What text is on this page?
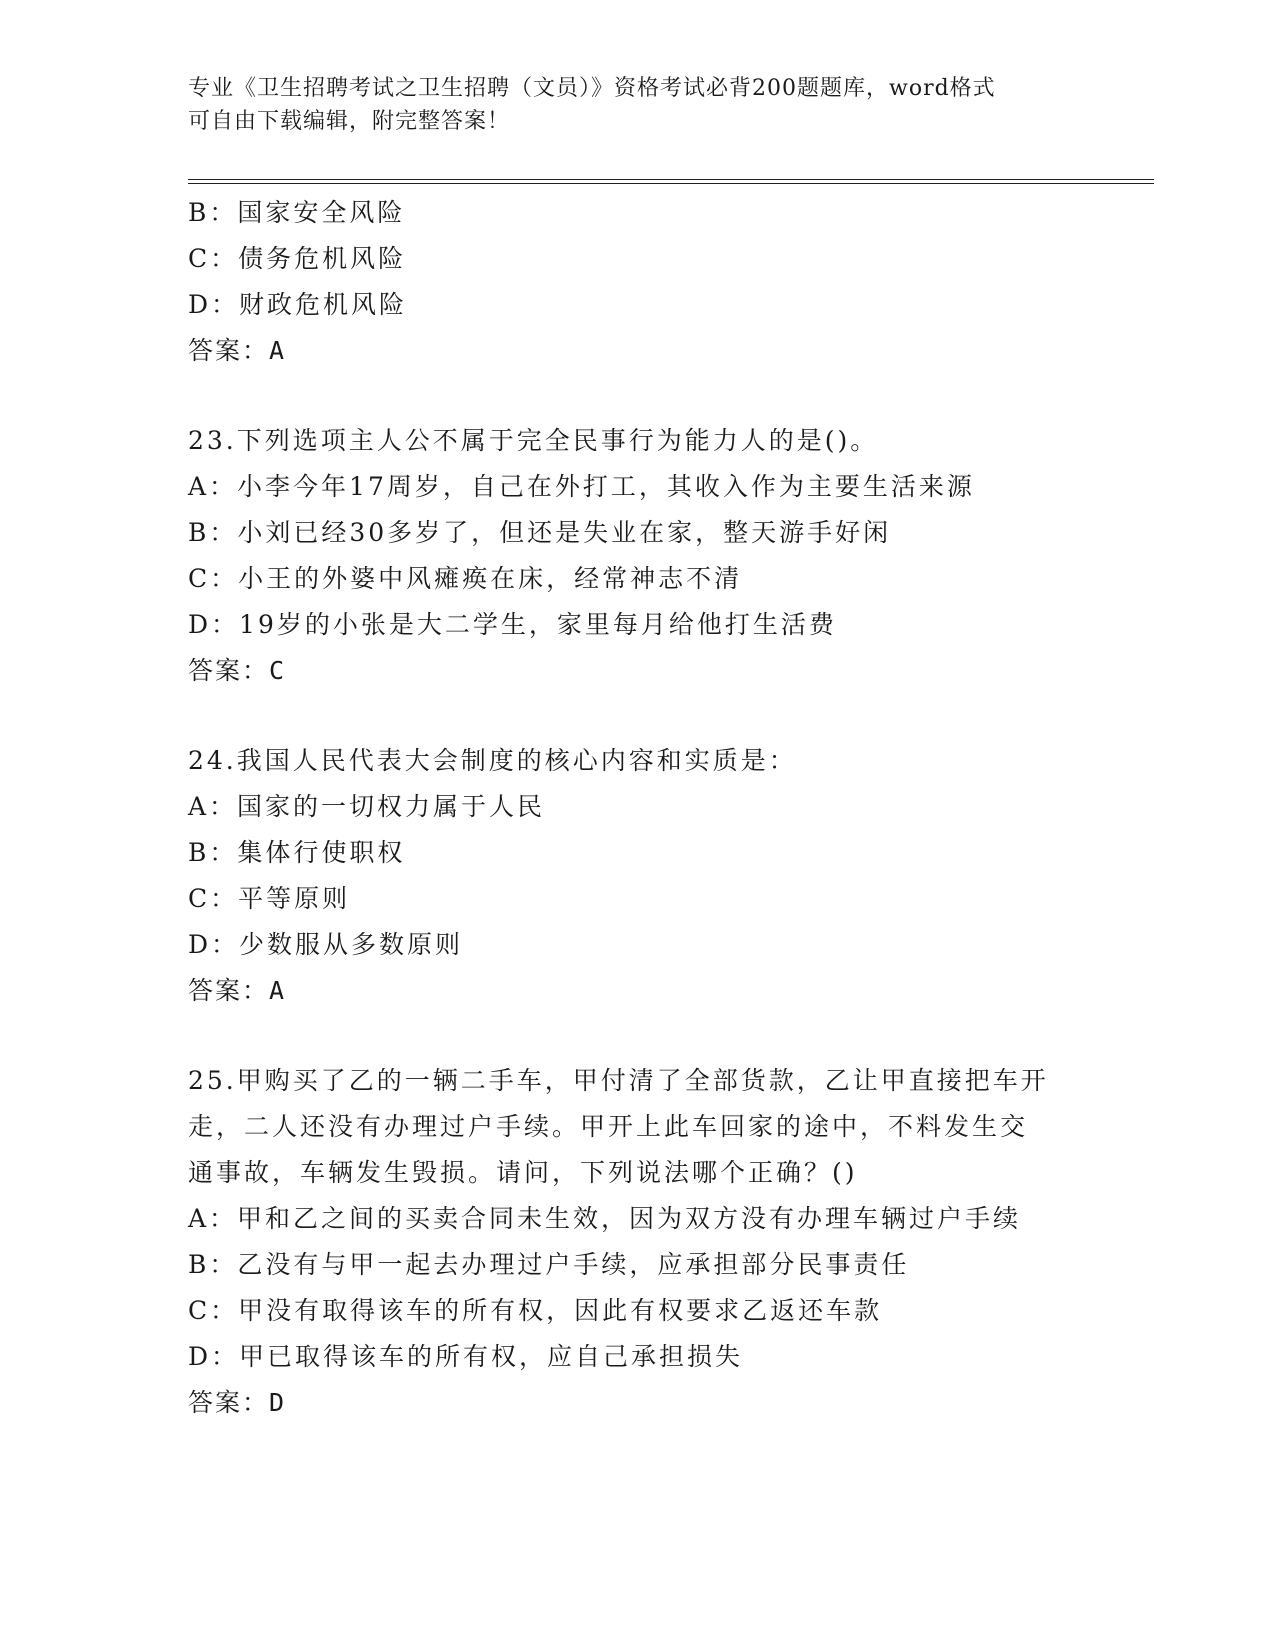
专业《卫生招聘考试之卫生招聘（文员）》资格考试必背200题题库，word格式

可自由下载编辑，附完整答案！

B：国家安全风险
C：债务危机风险
D：财政危机风险
答案：A
23.下列选项主人公不属于完全民事行为能力人的是()。
A：小李今年17周岁，自己在外打工，其收入作为主要生活来源
B：小刘已经30多岁了，但还是失业在家，整天游手好闲
C：小王的外婆中风瘫痪在床，经常神志不清
D：19岁的小张是大二学生，家里每月给他打生活费
答案：C
24.我国人民代表大会制度的核心内容和实质是：
A：国家的一切权力属于人民
B：集体行使职权
C：平等原则
D：少数服从多数原则
答案：A
25.甲购买了乙的一辆二手车，甲付清了全部货款，乙让甲直接把车开
走，二人还没有办理过户手续。甲开上此车回家的途中，不料发生交
通事故，车辆发生毁损。请问，下列说法哪个正确？()
A：甲和乙之间的买卖合同未生效，因为双方没有办理车辆过户手续
B：乙没有与甲一起去办理过户手续，应承担部分民事责任
C：甲没有取得该车的所有权，因此有权要求乙返还车款
D：甲已取得该车的所有权，应自己承担损失
答案：D
